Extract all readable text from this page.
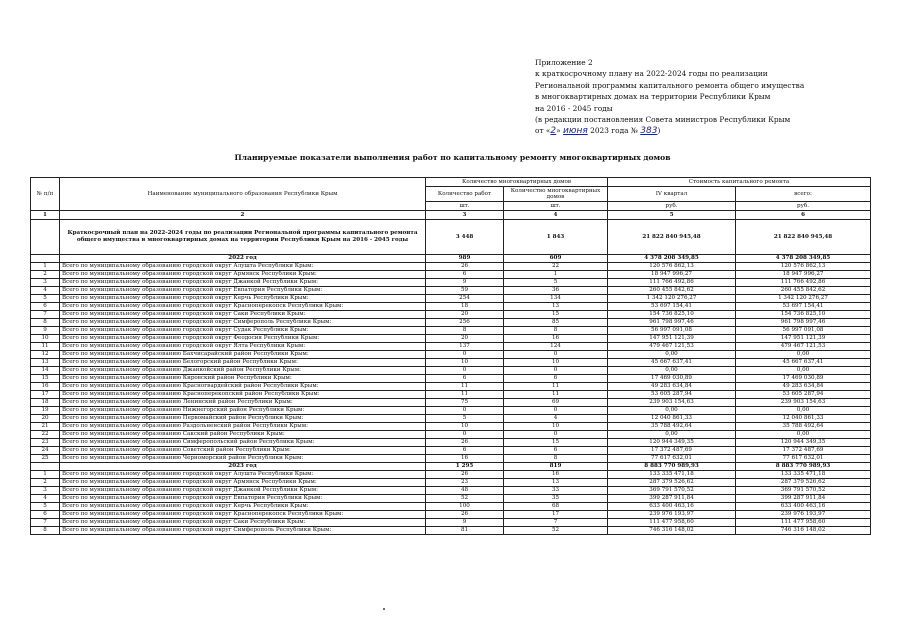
Приложение 2
к краткосрочному плану на 2022-2024 годы по реализации
Региональной программы капитального ремонта общего имущества
в многоквартирных домах на территории Республики Крым
на 2016 - 2045 годы
(в редакции постановления Совета министров Республики Крым
от «2» июня 2023 года № 383)
Планируемые показатели выполнения работ по капитальному ремонту многоквартирных домов
№ п/п	Наименование муниципального образования Республики Крым	Количество многоквартирных домов		Стоимость капитального ремонта	
		Количество работ	Количество многоквартирных домов	IV квартал	всего:
		шт.	шт.	руб.	руб.
1	2	3	4	5	6
	Краткосрочный план на 2022-2024 годы по реализации Региональной программы капитального ремонта общего имущества в многоквартирных домах на территории Республики Крым на 2016 - 2045 годы	3 448	1 843	21 822 840 945,48	21 822 840 945,48
	2022 год	989	609	4 378 208 349,85	4 378 208 349,85
1	Всего по муниципальному образованию городской округ Алушта Республики Крым:	26	22	120 576 862,13	120 576 862,13
2	Всего по муниципальному образованию городской округ Армянск Республики Крым:	6	1	18 947 996,27	18 947 996,27
3	Всего по муниципальному образованию городской округ Джанкой Республики Крым:	9	5	111 766 492,86	111 766 492,86
4	Всего по муниципальному образованию городской округ Евпатория Республики Крым:	59	36	260 455 842,62	260 455 842,62
5	Всего по муниципальному образованию городской округ Керчь Республики Крым:	254	134	1 342 120 276,27	1 342 120 276,27
6	Всего по муниципальному образованию городской округ Красноперекопск Республики Крым:	18	13	53 697 154,41	53 697 154,41
7	Всего по муниципальному образованию городской округ Саки Республики Крым:	20	15	154 736 825,10	154 736 825,10
8	Всего по муниципальному образованию городской округ Симферополь Республики Крым:	256	85	961 798 997,46	961 798 997,46
9	Всего по муниципальному образованию городской округ Судак Республики Крым:	8	8	56 997 091,08	56 997 091,08
10	Всего по муниципальному образованию городской округ Феодосия Республики Крым:	20	16	147 951 121,39	147 951 121,39
11	Всего по муниципальному образованию городской округ Ялта Республики Крым:	137	124	479 467 121,53	479 467 121,53
12	Всего по муниципальному образованию Бахчисарайский район Республики Крым:	0	0	0,00	0,00
13	Всего по муниципальному образованию Белогорский район Республики Крым:	10	10	45 667 637,41	45 667 637,41
14	Всего по муниципальному образованию Джанкойский район Республики Крым:	0	0	0,00	0,00
15	Всего по муниципальному образованию Кировский район Республики Крым:	6	6	17 469 030,89	17 469 030,89
16	Всего по муниципальному образованию Красногвардейский район Республики Крым:	11	11	49 283 634,84	49 283 634,84
17	Всего по муниципальному образованию Красноперекопский район Республики Крым:	11	11	53 605 287,94	53 605 287,94
18	Всего по муниципальному образованию Ленинский район Республики Крым:	75	69	239 903 154,63	239 903 154,63
19	Всего по муниципальному образованию Нижнегорский район Республики Крым:	0	0	0,00	0,00
20	Всего по муниципальному образованию Первомайский район Республики Крым:	5	4	12 040 861,33	12 040 861,33
21	Всего по муниципальному образованию Раздольненский район Республики Крым:	10	10	35 788 492,64	35 788 492,64
22	Всего по муниципальному образованию Сакский район Республики Крым:	0	0	0,00	0,00
23	Всего по муниципальному образованию Симферопольский район Республики Крым:	26	15	120 944 349,35	120 944 349,35
24	Всего по муниципальному образованию Советский район Республики Крым:	6	6	17 372 487,69	17 372 487,69
25	Всего по муниципальному образованию Черноморский район Республики Крым:	16	8	77 617 632,01	77 617 632,01
	2023 год	1 295	819	8 883 770 989,93	8 883 770 989,93
1	Всего по муниципальному образованию городской округ Алушта Республики Крым:	26	16	133 335 471,18	133 335 471,18
2	Всего по муниципальному образованию городской округ Армянск Республики Крым:	23	13	287 379 526,62	287 379 526,62
3	Всего по муниципальному образованию городской округ Джанкой Республики Крым:	48	33	369 791 570,52	369 791 570,52
4	Всего по муниципальному образованию городской округ Евпатория Республики Крым:	52	35	399 287 911,84	399 287 911,84
5	Всего по муниципальному образованию городской округ Керчь Республики Крым:	100	68	633 400 463,16	633 400 463,16
6	Всего по муниципальному образованию городской округ Красноперекопск Республики Крым:	26	17	239 976 193,97	239 976 193,97
7	Всего по муниципальному образованию городской округ Саки Республики Крым:	9	7	111 477 958,60	111 477 958,60
8	Всего по муниципальному образованию городской округ Симферополь Республики Крым:	81	52	746 316 148,02	746 316 148,02
